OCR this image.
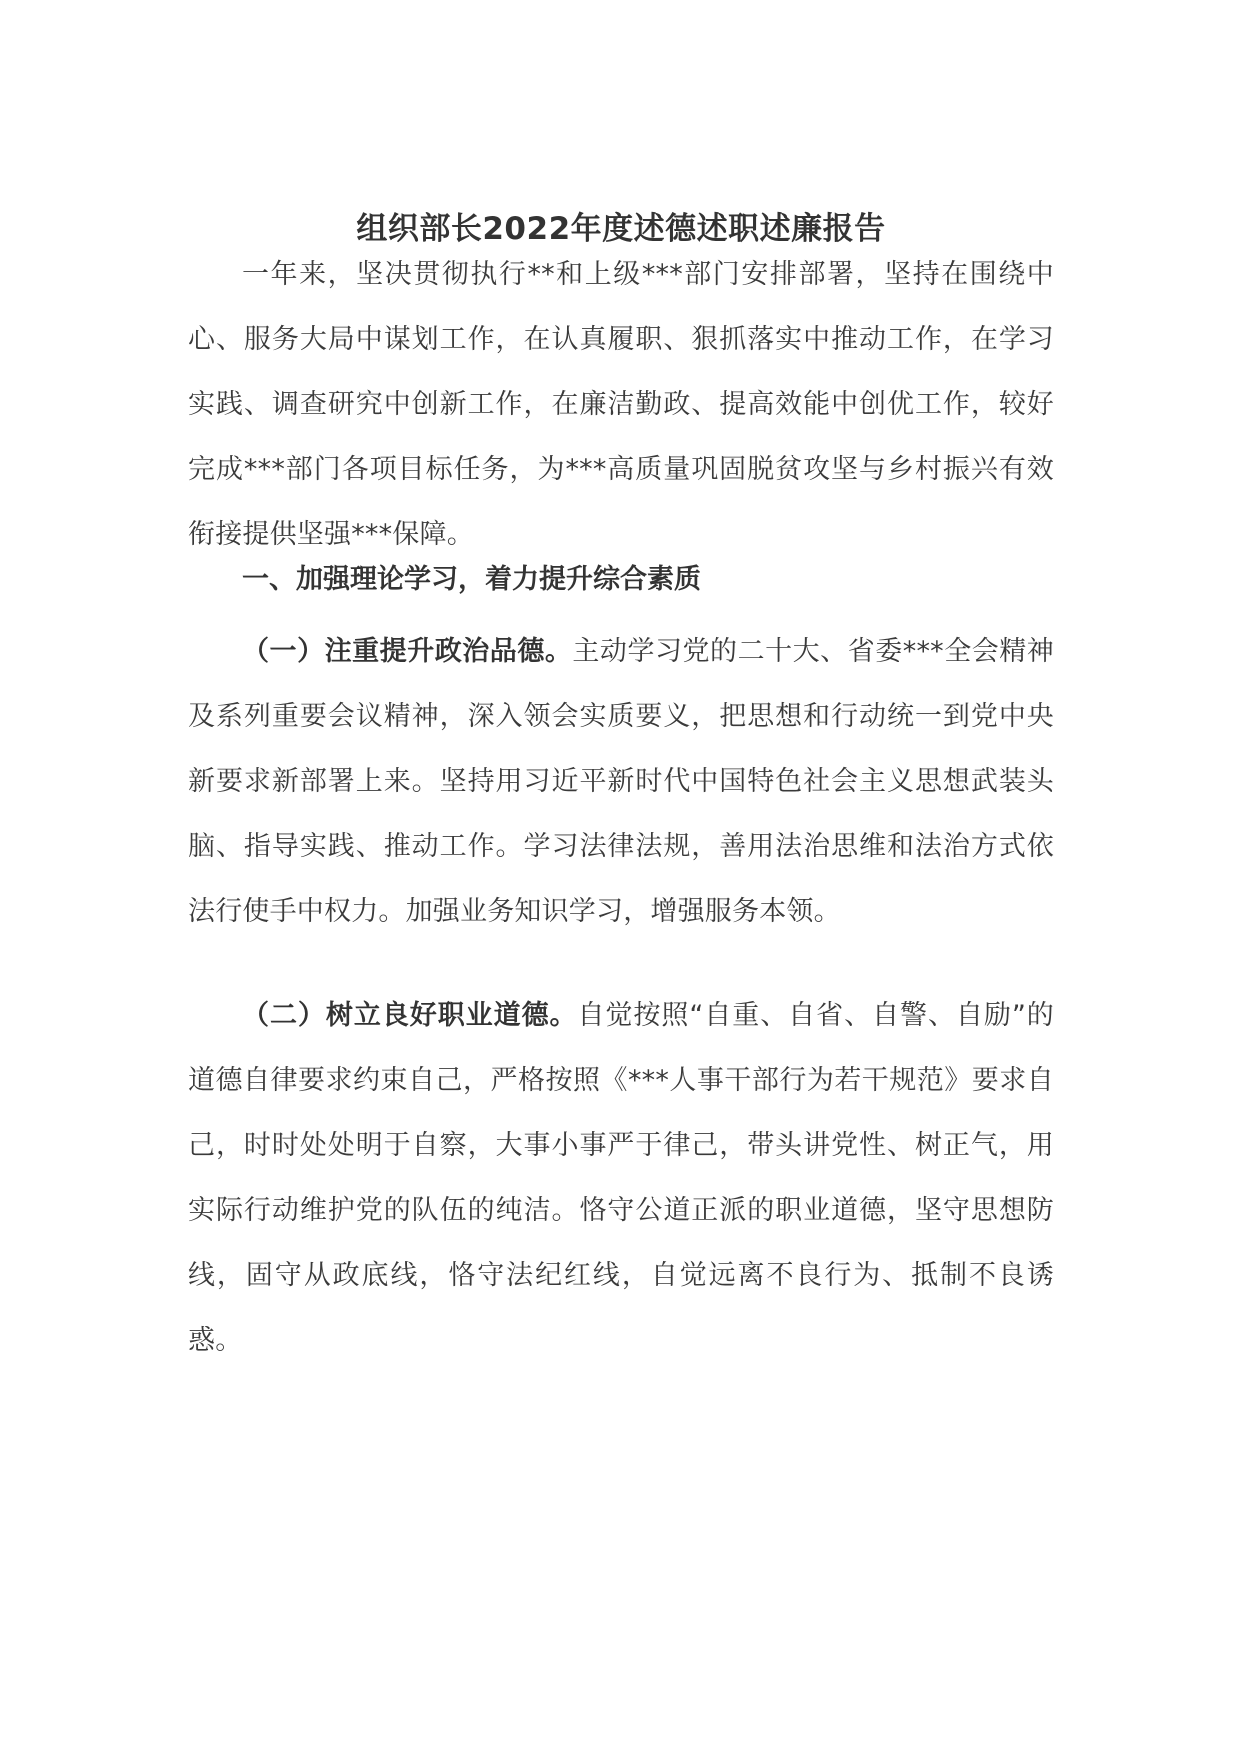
组织部长2022年度述德述职述廉报告

一年来，坚决贯彻执行**和上级***部门安排部署，坚持在围绕中心、服务大局中谋划工作，在认真履职、狠抓落实中推动工作，在学习实践、调查研究中创新工作，在廉洁勤政、提高效能中创优工作，较好完成***部门各项目标任务，为***高质量巩固脱贫攻坚与乡村振兴有效衔接提供坚强***保障。

一、加强理论学习，着力提升综合素质

（一）注重提升政治品德。主动学习党的二十大、省委***全会精神及系列重要会议精神，深入领会实质要义，把思想和行动统一到党中央新要求新部署上来。坚持用习近平新时代中国特色社会主义思想武装头脑、指导实践、推动工作。学习法律法规，善用法治思维和法治方式依法行使手中权力。加强业务知识学习，增强服务本领。

（二）树立良好职业道德。自觉按照“自重、自省、自警、自励”的道德自律要求约束自己，严格按照《***人事干部行为若干规范》要求自己，时时处处明于自察，大事小事严于律己，带头讲党性、树正气，用实际行动维护党的队伍的纯洁。恪守公道正派的职业道德，坚守思想防线，固守从政底线，恪守法纪红线，自觉远离不良行为、抵制不良诱惑。
